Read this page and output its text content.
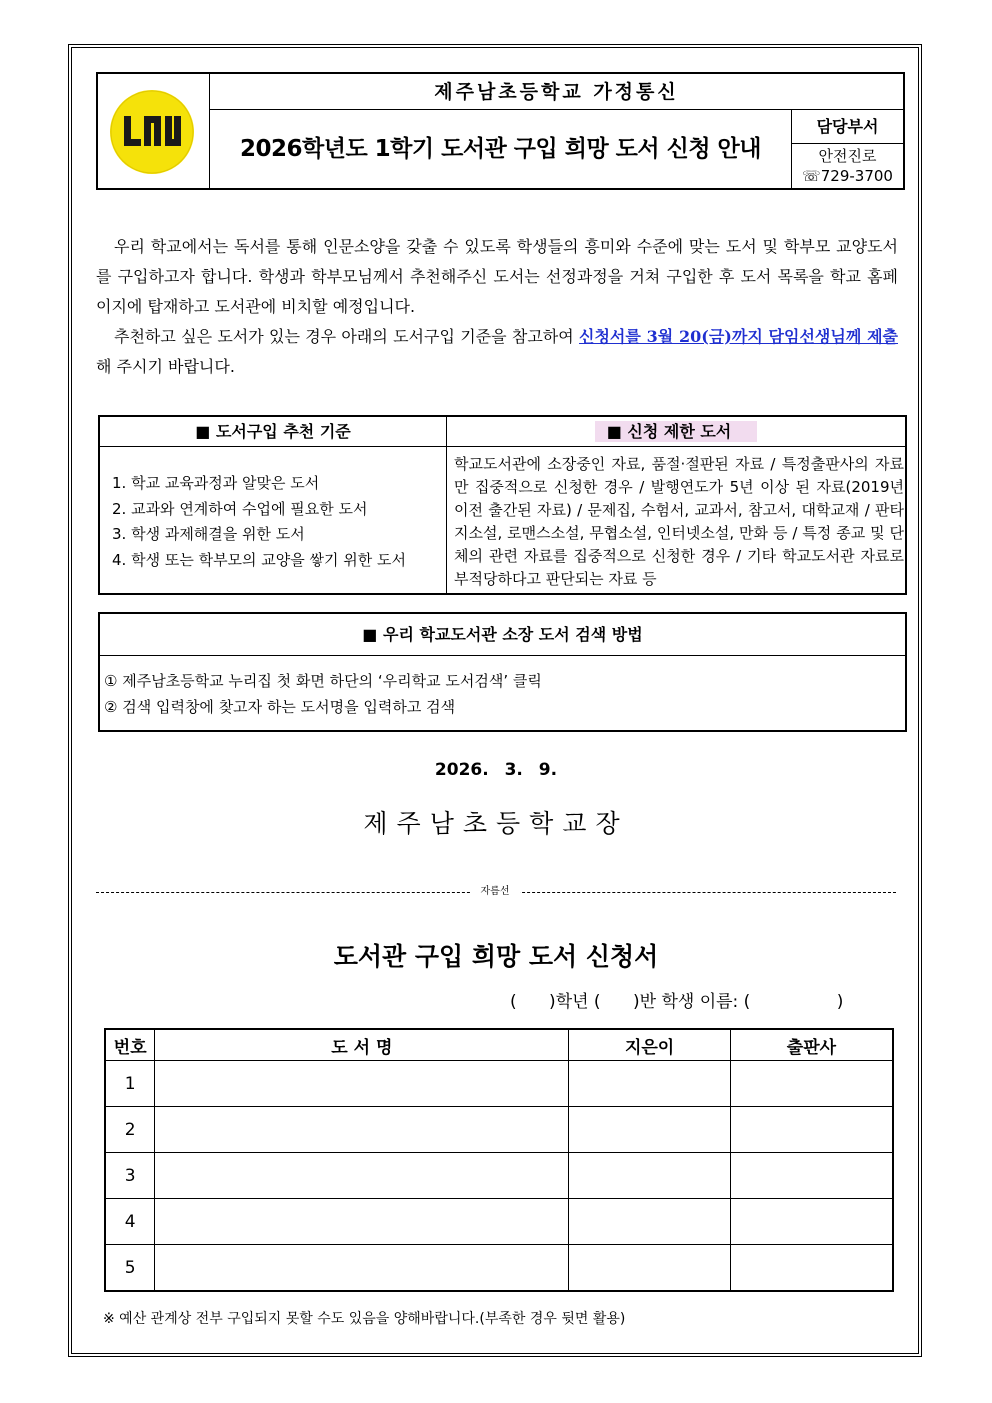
제주남초등학교 가정통신
2026학년도 1학기 도서관 구입 희망 도서 신청 안내
담당부서
안전진로
☏729-3700

우리 학교에서는 독서를 통해 인문소양을 갖출 수 있도록 학생들의 흥미와 수준에 맞는 도서 및 학부모 교양도서를 구입하고자 합니다. 학생과 학부모님께서 추천해주신 도서는 선정과정을 거쳐 구입한 후 도서 목록을 학교 홈페이지에 탑재하고 도서관에 비치할 예정입니다.

추천하고 싶은 도서가 있는 경우 아래의 도서구입 기준을 참고하여 신청서를 3월 20(금)까지 담임선생님께 제출해 주시기 바랍니다.

■ 도서구입 추천 기준	■ 신청 제한 도서
1. 학교 교육과정과 알맞은 도서
2. 교과와 연계하여 수업에 필요한 도서
3. 학생 과제해결을 위한 도서
4. 학생 또는 학부모의 교양을 쌓기 위한 도서
학교도서관에 소장중인 자료, 품절·절판된 자료 / 특정출판사의 자료만 집중적으로 신청한 경우 / 발행연도가 5년 이상 된 자료(2019년 이전 출간된 자료) / 문제집, 수험서, 교과서, 참고서, 대학교재 / 판타지소설, 로맨스소설, 무협소설, 인터넷소설, 만화 등 / 특정 종교 및 단체의 관련 자료를 집중적으로 신청한 경우 / 기타 학교도서관 자료로 부적당하다고 판단되는 자료 등
■ 우리 학교도서관 소장 도서 검색 방법
① 제주남초등학교 누리집 첫 화면 하단의 ‘우리학교 도서검색’ 클릭
② 검색 입력창에 찾고자 하는 도서명을 입력하고 검색
2026. 3. 9.
제주남초등학교장
자름선
도서관 구입 희망 도서 신청서
(      )학년 (      )반 학생 이름: (                )
번호	도 서 명	지은이	출판사
1			
2			
3			
4			
5			
※ 예산 관계상 전부 구입되지 못할 수도 있음을 양해바랍니다.(부족한 경우 뒷면 활용)
